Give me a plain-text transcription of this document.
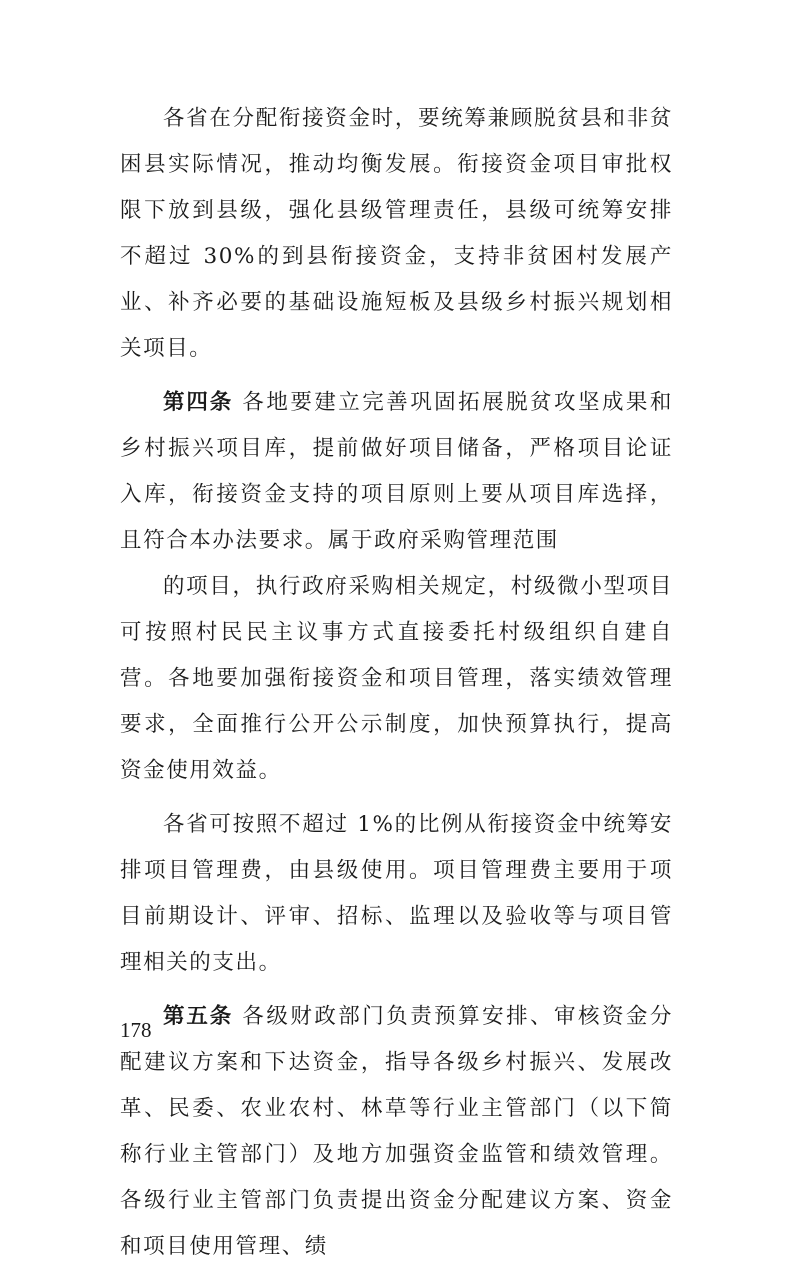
各省在分配衔接资金时，要统筹兼顾脱贫县和非贫困县实际情况，推动均衡发展。衔接资金项目审批权限下放到县级，强化县级管理责任，县级可统筹安排不超过 30%的到县衔接资金，支持非贫困村发展产业、补齐必要的基础设施短板及县级乡村振兴规划相关项目。

第四条 各地要建立完善巩固拓展脱贫攻坚成果和乡村振兴项目库，提前做好项目储备，严格项目论证入库，衔接资金支持的项目原则上要从项目库选择，且符合本办法要求。属于政府采购管理范围

的项目，执行政府采购相关规定，村级微小型项目可按照村民民主议事方式直接委托村级组织自建自营。各地要加强衔接资金和项目管理，落实绩效管理要求，全面推行公开公示制度，加快预算执行，提高资金使用效益。

各省可按照不超过 1%的比例从衔接资金中统筹安排项目管理费，由县级使用。项目管理费主要用于项目前期设计、评审、招标、监理以及验收等与项目管理相关的支出。

第五条 各级财政部门负责预算安排、审核资金分配建议方案和下达资金，指导各级乡村振兴、发展改革、民委、农业农村、林草等行业主管部门（以下简称行业主管部门）及地方加强资金监管和绩效管理。各级行业主管部门负责提出资金分配建议方案、资金和项目使用管理、绩

178
